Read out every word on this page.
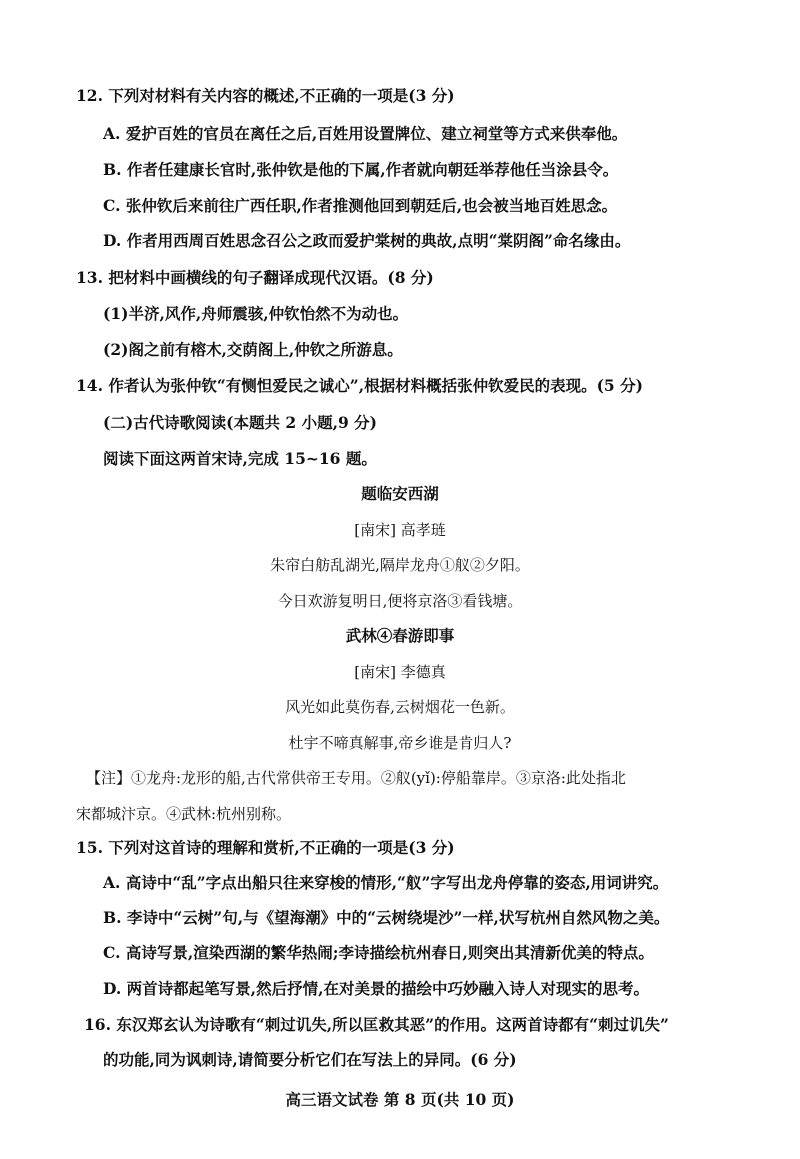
12. 下列对材料有关内容的概述,不正确的一项是(3 分)
A. 爱护百姓的官员在离任之后,百姓用设置牌位、建立祠堂等方式来供奉他。
B. 作者任建康长官时,张仲钦是他的下属,作者就向朝廷举荐他任当涂县令。
C. 张仲钦后来前往广西任职,作者推测他回到朝廷后,也会被当地百姓思念。
D. 作者用西周百姓思念召公之政而爱护棠树的典故,点明“棠阴阁”命名缘由。
13. 把材料中画横线的句子翻译成现代汉语。(8 分)
(1)半济,风作,舟师震骇,仲钦怡然不为动也。
(2)阁之前有榕木,交荫阁上,仲钦之所游息。
14. 作者认为张仲钦“有恻怛爱民之诚心”,根据材料概括张仲钦爱民的表现。(5 分)
(二)古代诗歌阅读(本题共 2 小题,9 分)
阅读下面这两首宋诗,完成 15~16 题。
题临安西湖
[南宋] 高孝琏
朱帘白舫乱湖光,隔岸龙舟①舣②夕阳。
今日欢游复明日,便将京洛③看钱塘。
武林④春游即事
[南宋] 李德真
风光如此莫伤春,云树烟花一色新。
杜宇不啼真解事,帝乡谁是肯归人?
【注】①龙舟:龙形的船,古代常供帝王专用。②舣(yǐ):停船靠岸。③京洛:此处指北
宋都城汴京。④武林:杭州别称。
15. 下列对这首诗的理解和赏析,不正确的一项是(3 分)
A. 高诗中“乱”字点出船只往来穿梭的情形,“舣”字写出龙舟停靠的姿态,用词讲究。
B. 李诗中“云树”句,与《望海潮》中的“云树绕堤沙”一样,状写杭州自然风物之美。
C. 高诗写景,渲染西湖的繁华热闹;李诗描绘杭州春日,则突出其清新优美的特点。
D. 两首诗都起笔写景,然后抒情,在对美景的描绘中巧妙融入诗人对现实的思考。
16. 东汉郑玄认为诗歌有“刺过讥失,所以匡救其恶”的作用。这两首诗都有“刺过讥失”
的功能,同为讽刺诗,请简要分析它们在写法上的异同。(6 分)
高三语文试卷 第 8 页(共 10 页)
